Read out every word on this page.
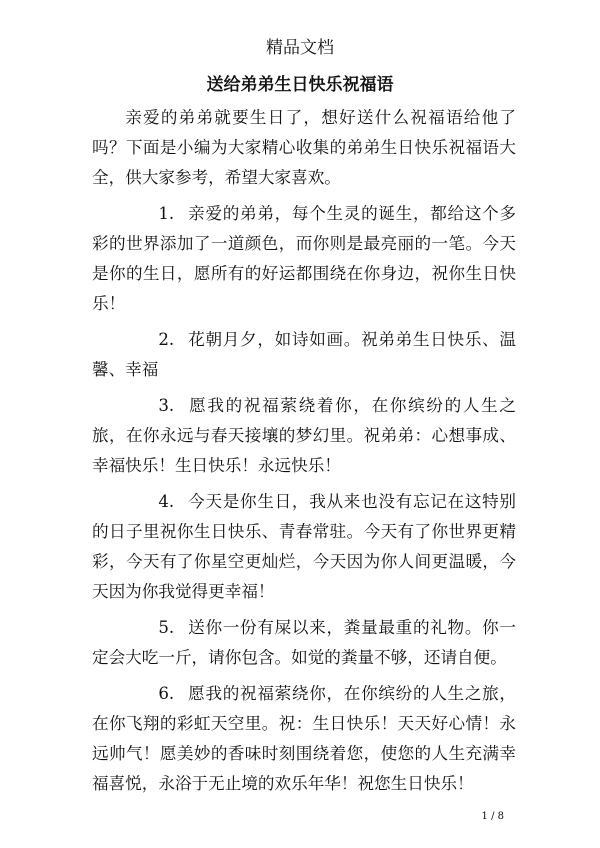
精品文档
送给弟弟生日快乐祝福语

亲爱的弟弟就要生日了，想好送什么祝福语给他了吗？下面是小编为大家精心收集的弟弟生日快乐祝福语大全，供大家参考，希望大家喜欢。

1. 亲爱的弟弟，每个生灵的诞生，都给这个多彩的世界添加了一道颜色，而你则是最亮丽的一笔。今天是你的生日，愿所有的好运都围绕在你身边，祝你生日快乐！

2. 花朝月夕，如诗如画。祝弟弟生日快乐、温馨、幸福

3. 愿我的祝福萦绕着你，在你缤纷的人生之旅，在你永远与春天接壤的梦幻里。祝弟弟：心想事成、幸福快乐！生日快乐！永远快乐！

4. 今天是你生日，我从来也没有忘记在这特别的日子里祝你生日快乐、青春常驻。今天有了你世界更精彩，今天有了你星空更灿烂，今天因为你人间更温暖，今天因为你我觉得更幸福！

5. 送你一份有屎以来，粪量最重的礼物。你一定会大吃一斤，请你包含。如觉的粪量不够，还请自便。

6. 愿我的祝福萦绕你，在你缤纷的人生之旅，在你飞翔的彩虹天空里。祝：生日快乐！天天好心情！永远帅气！愿美妙的香味时刻围绕着您，使您的人生充满幸福喜悦，永浴于无止境的欢乐年华！祝您生日快乐！

1 / 8
